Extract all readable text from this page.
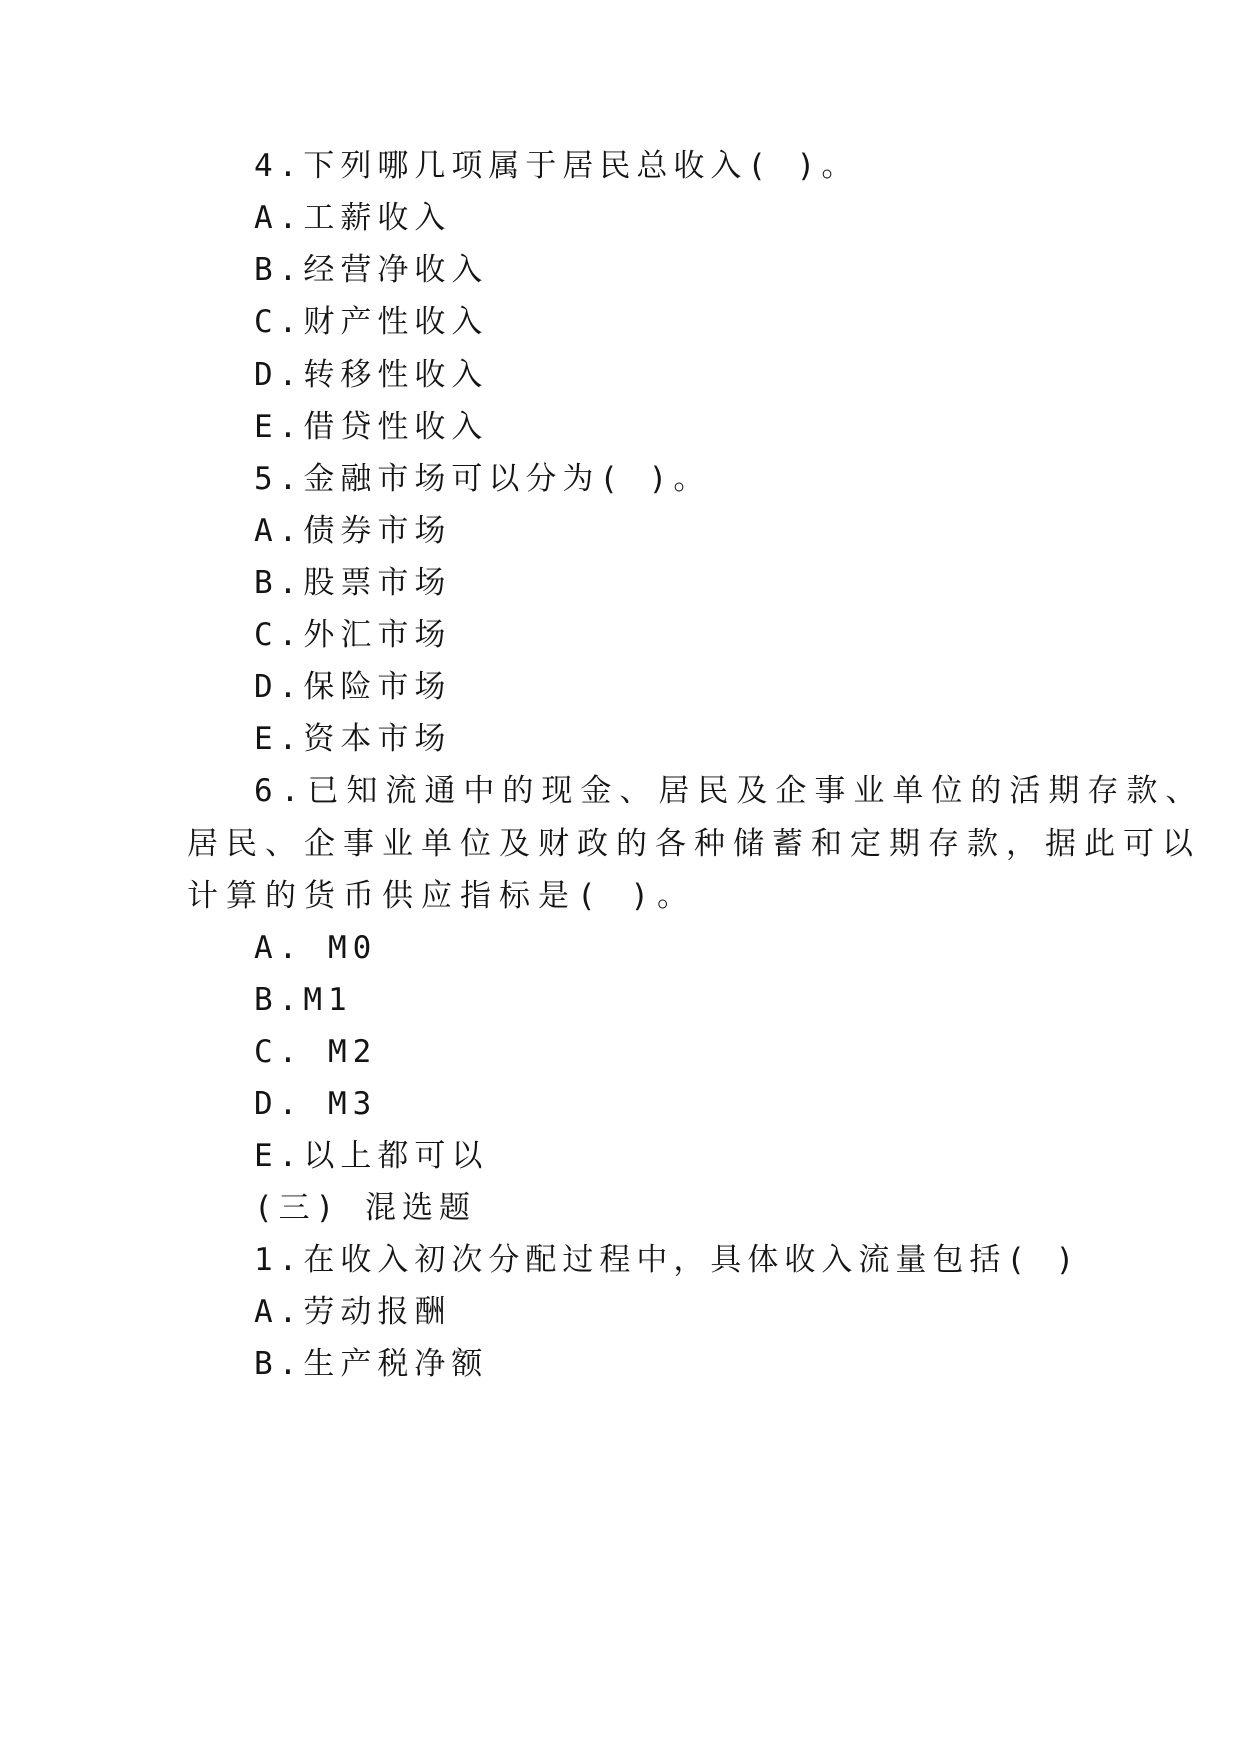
4.下列哪几项属于居民总收入( )。
A.工薪收入
B.经营净收入
C.财产性收入
D.转移性收入
E.借贷性收入
5.金融市场可以分为( )。
A.债券市场
B.股票市场
C.外汇市场
D.保险市场
E.资本市场
6.已知流通中的现金、居民及企事业单位的活期存款、
居民、企事业单位及财政的各种储蓄和定期存款，据此可以
计算的货币供应指标是( )。
A. M0
B.M1
C. M2
D. M3
E.以上都可以
(三) 混选题
1.在收入初次分配过程中，具体收入流量包括( )
A.劳动报酬
B.生产税净额
